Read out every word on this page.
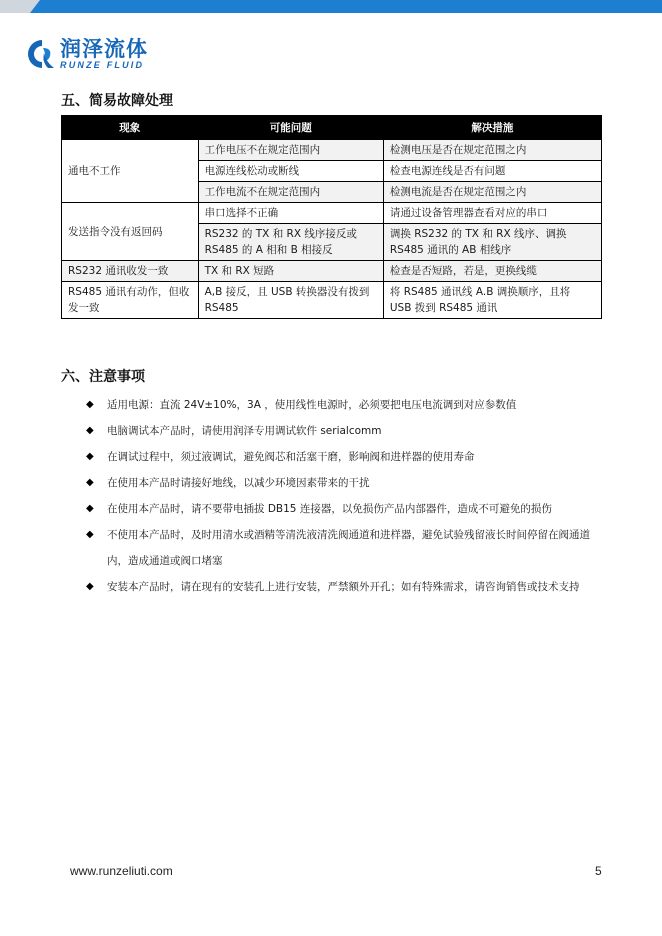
润泽流体
RUNZE FLUID
五、简易故障处理
现象	可能问题	解决措施
通电不工作	工作电压不在规定范围内	检测电压是否在规定范围之内
	电源连线松动或断线	检查电源连线是否有问题
	工作电流不在规定范围内	检测电流是否在规定范围之内
发送指令没有返回码	串口选择不正确	请通过设备管理器查看对应的串口
	RS232 的 TX 和 RX 线序接反或 RS485 的 A 相和 B 相接反	调换 RS232 的 TX 和 RX 线序、调换 RS485 通讯的 AB 相线序
RS232 通讯收发一致	TX 和 RX 短路	检查是否短路，若是，更换线缆
RS485 通讯有动作，但收发一致	A,B 接反，且 USB 转换器没有拨到 RS485	将 RS485 通讯线 A.B 调换顺序，且将 USB 拨到 RS485 通讯
六、注意事项
◆ 适用电源：直流 24V±10%，3A ，使用线性电源时，必须要把电压电流调到对应参数值
◆ 电脑调试本产品时，请使用润泽专用调试软件 serialcomm
◆ 在调试过程中，须过液调试，避免阀芯和活塞干磨，影响阀和进样器的使用寿命
◆ 在使用本产品时请接好地线，以减少环境因素带来的干扰
◆ 在使用本产品时，请不要带电插拔 DB15 连接器，以免损伤产品内部器件，造成不可避免的损伤
◆ 不使用本产品时，及时用清水或酒精等清洗液清洗阀通道和进样器，避免试验残留液长时间停留在阀通道内，造成通道或阀口堵塞
◆ 安装本产品时，请在现有的安装孔上进行安装，严禁额外开孔；如有特殊需求，请咨询销售或技术支持
www.runzeliuti.com	5
